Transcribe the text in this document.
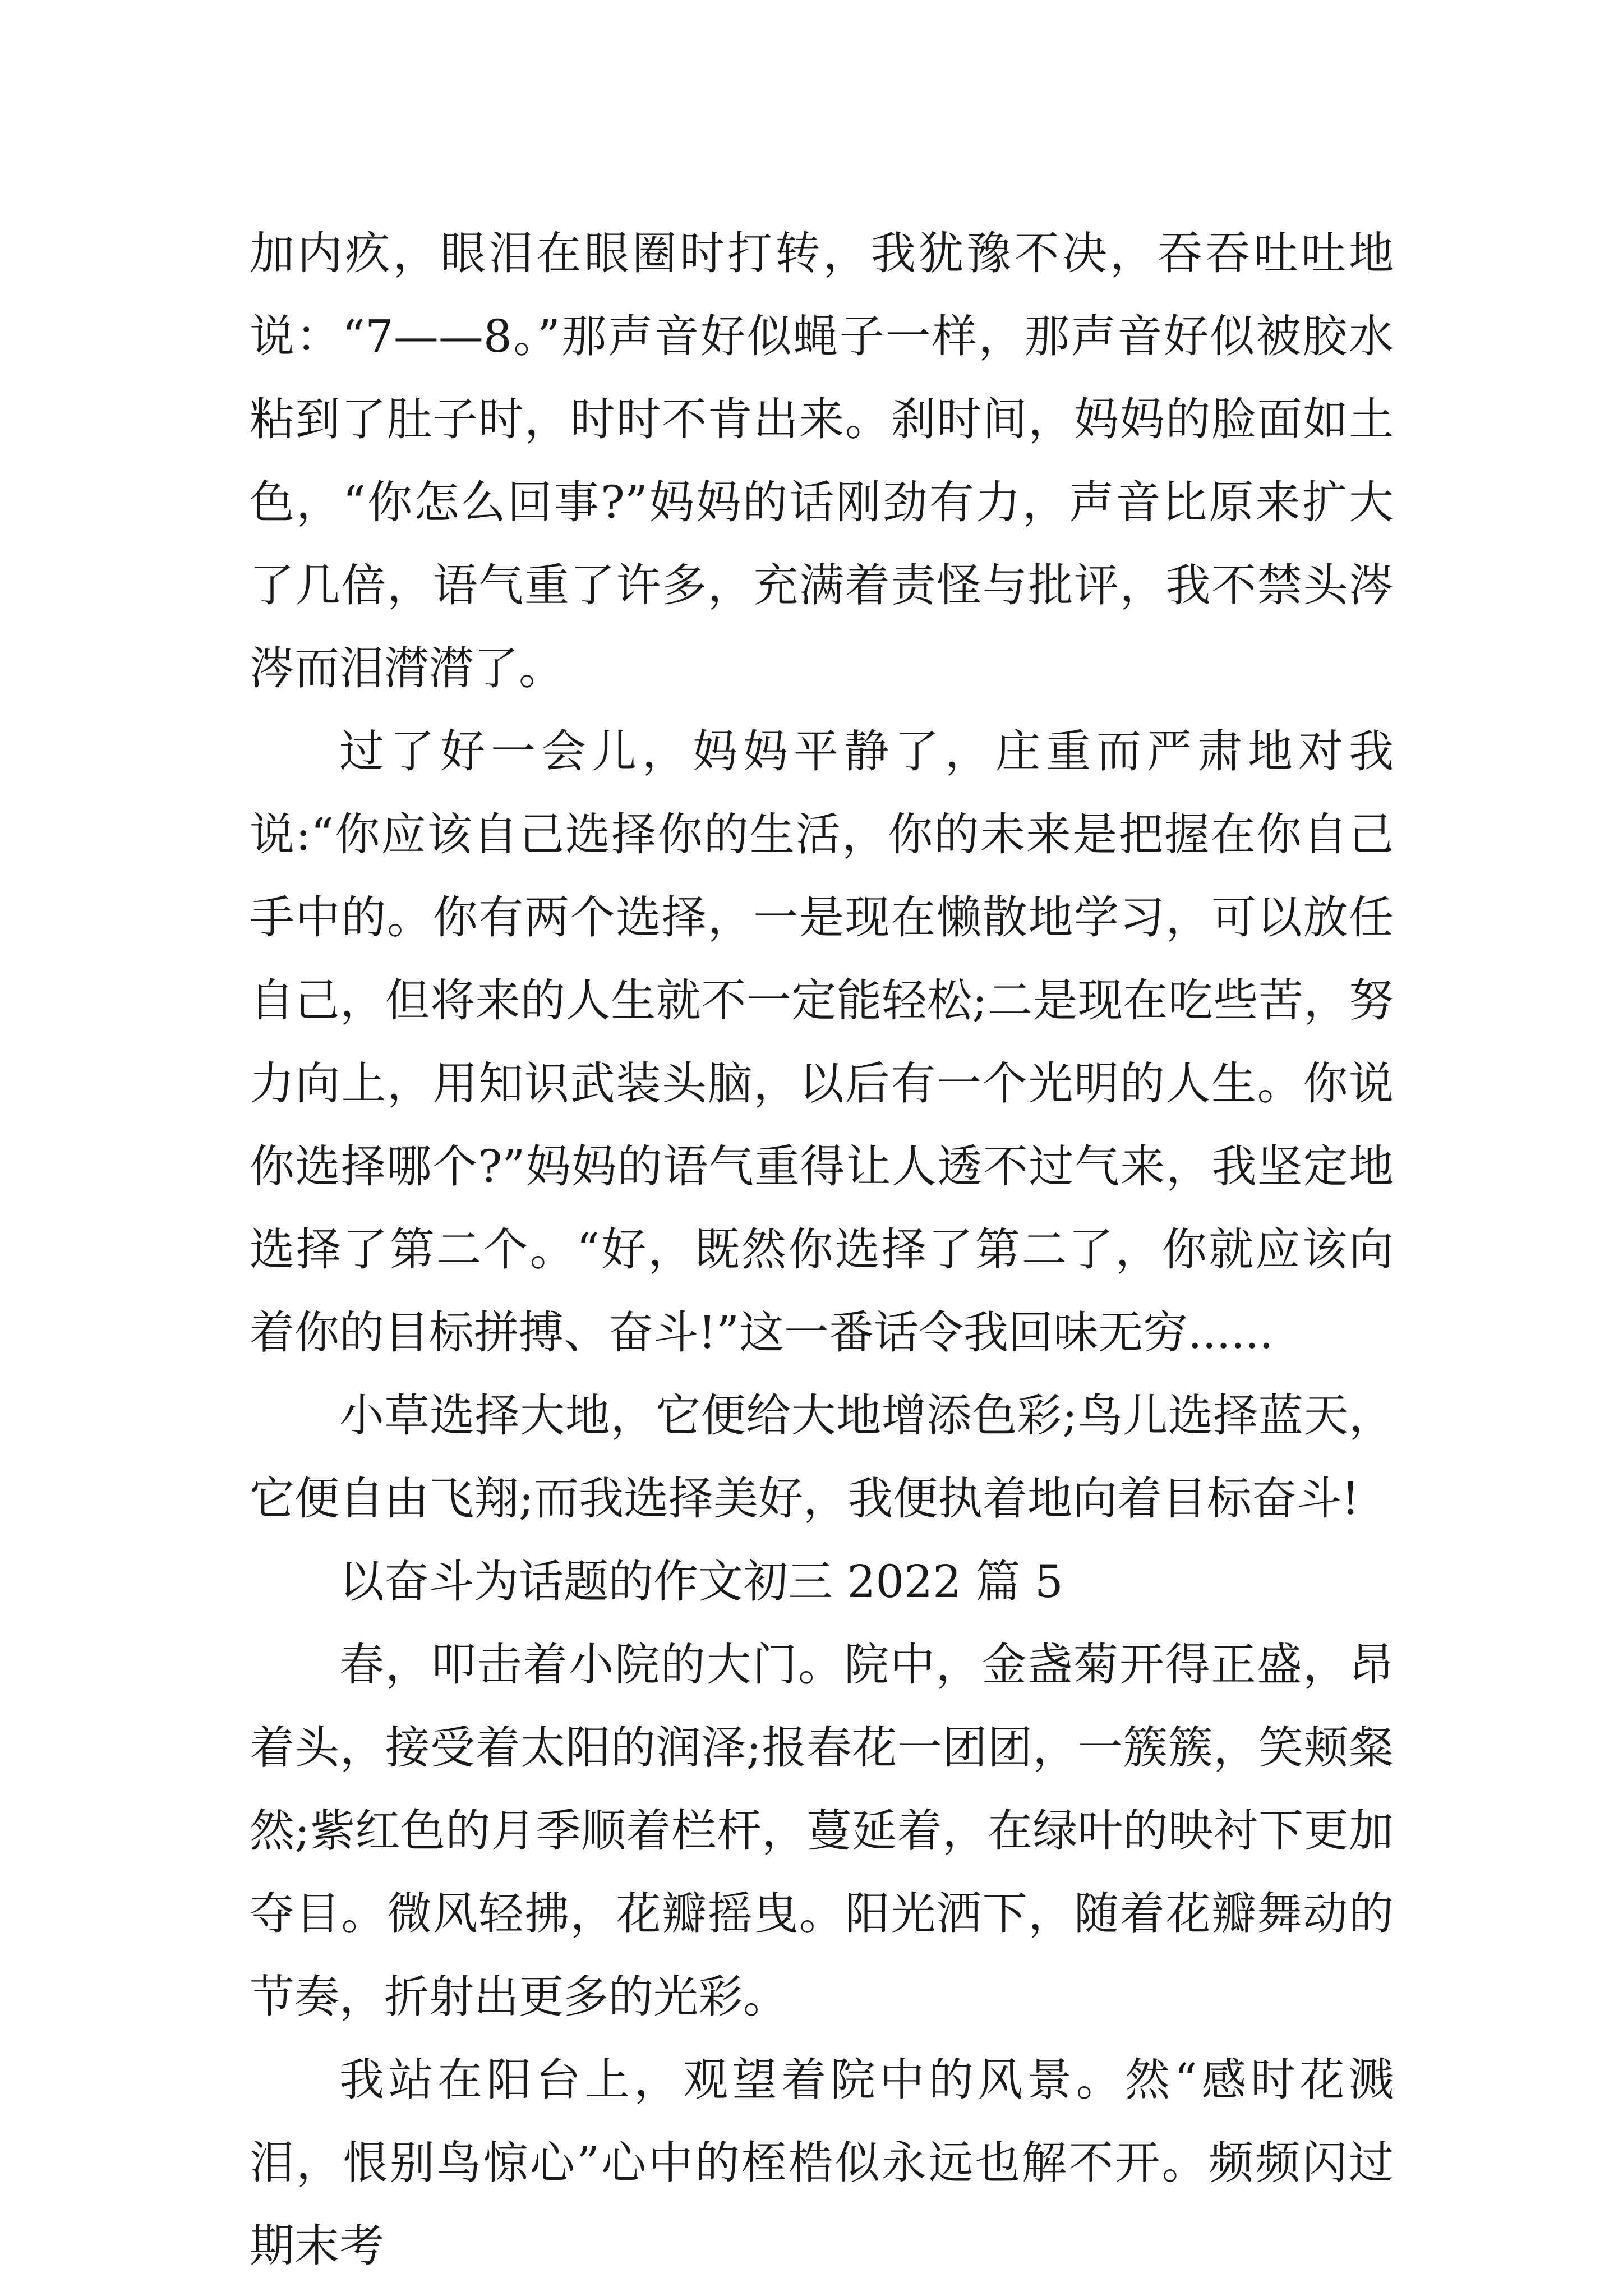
加内疚，眼泪在眼圈时打转，我犹豫不决，吞吞吐吐地说：“7——8。”那声音好似蝇子一样，那声音好似被胶水粘到了肚子时，时时不肯出来。刹时间，妈妈的脸面如土色，“你怎么回事?”妈妈的话刚劲有力，声音比原来扩大了几倍，语气重了许多，充满着责怪与批评，我不禁头涔涔而泪潸潸了。

过了好一会儿，妈妈平静了，庄重而严肃地对我说:“你应该自己选择你的生活，你的未来是把握在你自己手中的。你有两个选择，一是现在懒散地学习，可以放任自己，但将来的人生就不一定能轻松;二是现在吃些苦，努力向上，用知识武装头脑，以后有一个光明的人生。你说你选择哪个?”妈妈的语气重得让人透不过气来，我坚定地选择了第二个。“好，既然你选择了第二了，你就应该向着你的目标拼搏、奋斗!”这一番话令我回味无穷......

小草选择大地，它便给大地增添色彩;鸟儿选择蓝天，它便自由飞翔;而我选择美好，我便执着地向着目标奋斗!

以奋斗为话题的作文初三 2022 篇 5

春，叩击着小院的大门。院中，金盏菊开得正盛，昂着头，接受着太阳的润泽;报春花一团团，一簇簇，笑颊粲然;紫红色的月季顺着栏杆，蔓延着，在绿叶的映衬下更加夺目。微风轻拂，花瓣摇曳。阳光洒下，随着花瓣舞动的节奏，折射出更多的光彩。

我站在阳台上，观望着院中的风景。然“感时花溅泪，恨别鸟惊心”心中的桎梏似永远也解不开。频频闪过期末考
